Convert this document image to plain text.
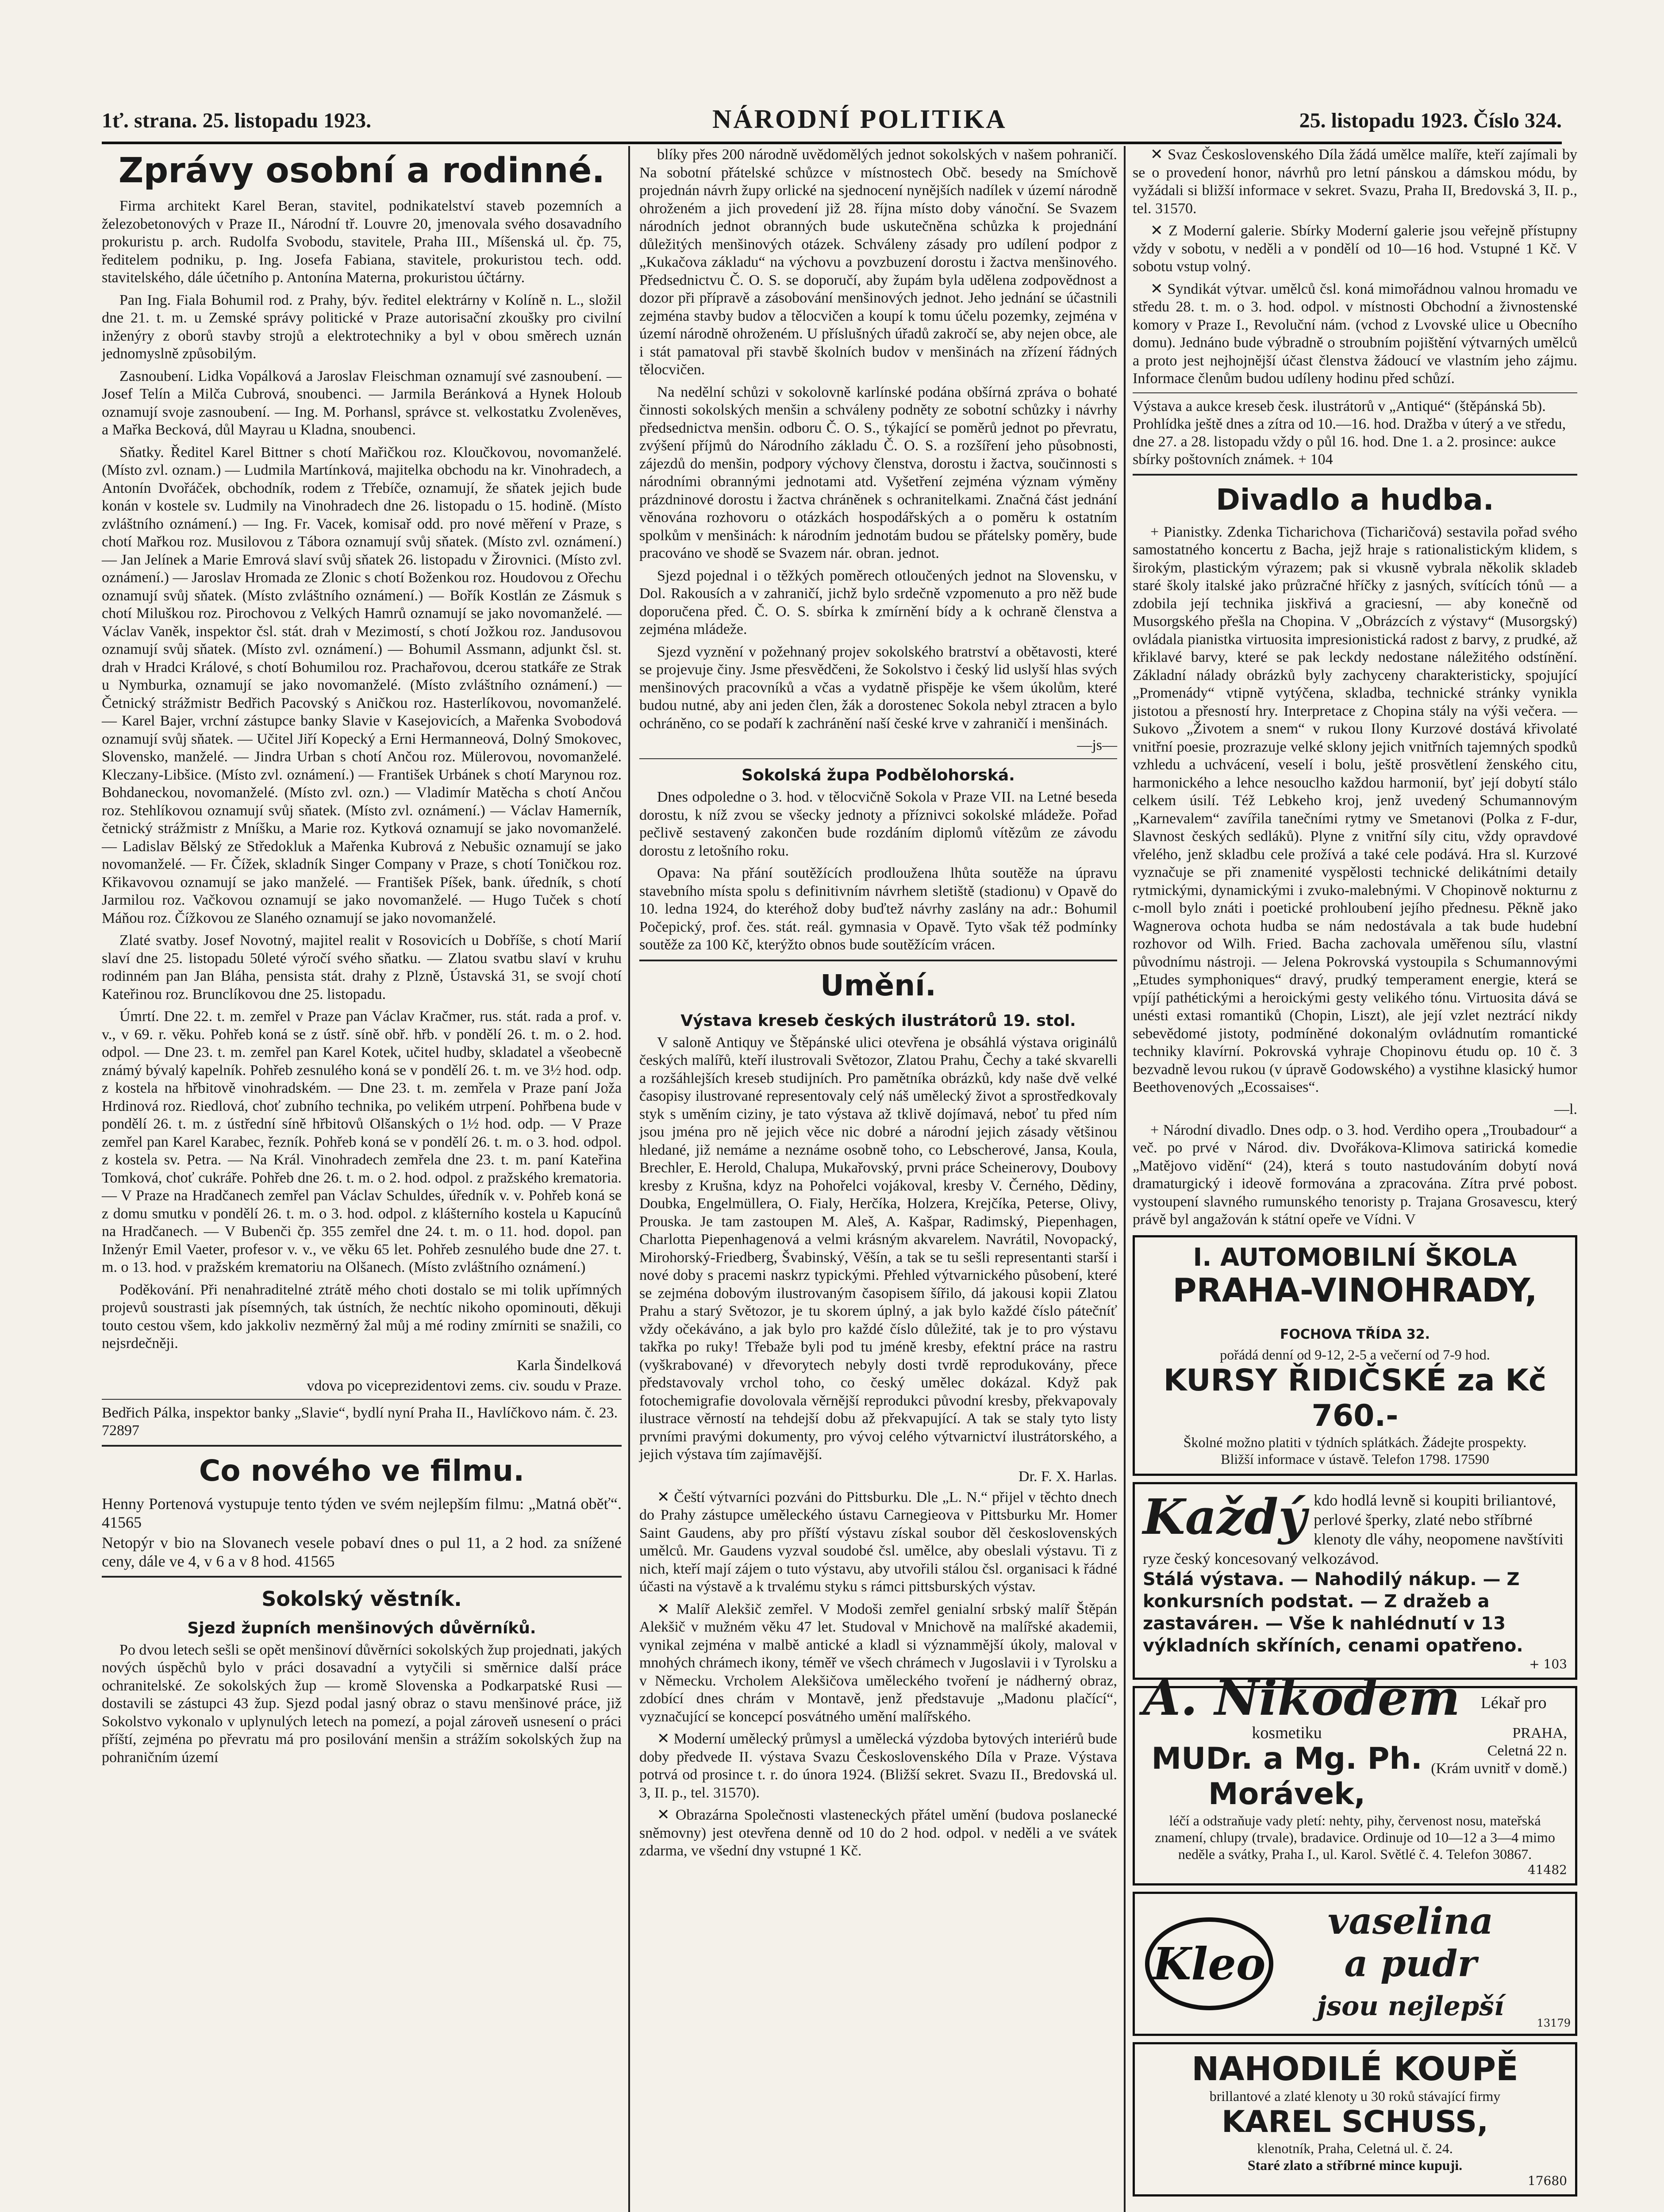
1ť. strana. 25. listopadu 1923.	NÁRODNÍ POLITIKA	25. listopadu 1923. Číslo 324.
Zprávy osobní a rodinné.

Firma architekt Karel Beran, stavitel, podnikatelství staveb pozemních a železobetonových v Praze II., Národní tř. Louvre 20, jmenovala svého dosavadního prokuristu p. arch. Rudolfa Svobodu, stavitele, Praha III., Míšenská ul. čp. 75, ředitelem podniku, p. Ing. Josefa Fabiana, stavitele, prokuristou tech. odd. stavitelského, dále účetního p. Antonína Materna, prokuristou účtárny.

Pan Ing. Fiala Bohumil rod. z Prahy, býv. ředitel elektrárny v Kolíně n. L., složil dne 21. t. m. u Zemské správy politické v Praze autorisační zkoušky pro civilní inženýry z oborů stavby strojů a elektrotechniky a byl v obou směrech uznán jednomyslně způsobilým.

Zasnoubení. Lidka Vopálková a Jaroslav Fleischman oznamují své zasnoubení. — Josef Telín a Milča Cubrová, snoubenci. — Jarmila Beránková a Hynek Holoub oznamují svoje zasnoubení. — Ing. M. Porhansl, správce st. velkostatku Zvoleněves, a Mařka Becková, důl Mayrau u Kladna, snoubenci.

Sňatky. Ředitel Karel Bittner s chotí Mařičkou roz. Kloučkovou, novomanželé. (Místo zvl. oznam.) — Ludmila Martínková, majitelka obchodu na kr. Vinohradech, a Antonín Dvořáček, obchodník, rodem z Třebíče, oznamují, že sňatek jejich bude konán v kostele sv. Ludmily na Vinohradech dne 26. listopadu o 15. hodině. (Místo zvláštního oznámení.) — Ing. Fr. Vacek, komisař odd. pro nové měření v Praze, s chotí Mařkou roz. Musilovou z Tábora oznamují svůj sňatek. (Místo zvl. oznámení.) — Jan Jelínek a Marie Emrová slaví svůj sňatek 26. listopadu v Žirovnici. (Místo zvl. oznámení.) — Jaroslav Hromada ze Zlonic s chotí Boženkou roz. Houdovou z Ořechu oznamují svůj sňatek. (Místo zvláštního oznámení.) — Bořík Kostlán ze Zásmuk s chotí Miluškou roz. Pirochovou z Velkých Hamrů oznamují se jako novomanželé. — Václav Vaněk, inspektor čsl. stát. drah v Mezimostí, s chotí Jožkou roz. Jandusovou oznamují svůj sňatek. (Místo zvl. oznámení.) — Bohumil Assmann, adjunkt čsl. st. drah v Hradci Králové, s chotí Bohumilou roz. Prachařovou, dcerou statkáře ze Strak u Nymburka, oznamují se jako novomanželé. (Místo zvláštního oznámení.) — Četnický strážmistr Bedřich Pacovský s Aničkou roz. Hasterlíkovou, novomanželé. — Karel Bajer, vrchní zástupce banky Slavie v Kasejovicích, a Mařenka Svobodová oznamují svůj sňatek. — Učitel Jiří Kopecký a Erni Hermanneová, Dolný Smokovec, Slovensko, manželé. — Jindra Urban s chotí Ančou roz. Mülerovou, novomanželé. Kleczany-Libšice. (Místo zvl. oznámení.) — František Urbánek s chotí Marynou roz. Bohdaneckou, novomanželé. (Místo zvl. ozn.) — Vladimír Matěcha s chotí Ančou roz. Stehlíkovou oznamují svůj sňatek. (Místo zvl. oznámení.) — Václav Hamerník, četnický strážmistr z Mníšku, a Marie roz. Kytková oznamují se jako novomanželé. — Ladislav Bělský ze Středokluk a Mařenka Kubrová z Nebušic oznamují se jako novomanželé. — Fr. Čížek, skladník Singer Company v Praze, s chotí Toničkou roz. Křikavovou oznamují se jako manželé. — František Píšek, bank. úředník, s chotí Jarmilou roz. Vačkovou oznamují se jako novomanželé. — Hugo Tuček s chotí Máňou roz. Čížkovou ze Slaného oznamují se jako novomanželé.

Zlaté svatby. Josef Novotný, majitel realit v Rosovicích u Dobříše, s chotí Marií slaví dne 25. listopadu 50leté výročí svého sňatku. — Zlatou svatbu slaví v kruhu rodinném pan Jan Bláha, pensista stát. drahy z Plzně, Ústavská 31, se svojí chotí Kateřinou roz. Brunclíkovou dne 25. listopadu.

Úmrtí. Dne 22. t. m. zemřel v Praze pan Václav Kračmer, rus. stát. rada a prof. v. v., v 69. r. věku. Pohřeb koná se z ústř. síně obř. hřb. v pondělí 26. t. m. o 2. hod. odpol. — Dne 23. t. m. zemřel pan Karel Kotek, učitel hudby, skladatel a všeobecně známý bývalý kapelník. Pohřeb zesnulého koná se v pondělí 26. t. m. ve 3½ hod. odp. z kostela na hřbitově vinohradském. — Dne 23. t. m. zemřela v Praze paní Joža Hrdinová roz. Riedlová, choť zubního technika, po velikém utrpení. Pohřbena bude v pondělí 26. t. m. z ústřední síně hřbitovů Olšanských o 1½ hod. odp. — V Praze zemřel pan Karel Karabec, řezník. Pohřeb koná se v pondělí 26. t. m. o 3. hod. odpol. z kostela sv. Petra. — Na Král. Vinohradech zemřela dne 23. t. m. paní Kateřina Tomková, choť cukráře. Pohřeb dne 26. t. m. o 2. hod. odpol. z pražského krematoria. — V Praze na Hradčanech zemřel pan Václav Schuldes, úředník v. v. Pohřeb koná se z domu smutku v pondělí 26. t. m. o 3. hod. odpol. z klášterního kostela u Kapucínů na Hradčanech. — V Bubenči čp. 355 zemřel dne 24. t. m. o 11. hod. dopol. pan Inženýr Emil Vaeter, profesor v. v., ve věku 65 let. Pohřeb zesnulého bude dne 27. t. m. o 13. hod. v pražském krematoriu na Olšanech. (Místo zvláštního oznámení.)

Poděkování. Při nenahraditelné ztrátě mého choti dostalo se mi tolik upřímných projevů soustrasti jak písemných, tak ústních, že nechtíc nikoho opominouti, děkuji touto cestou všem, kdo jakkoliv nezměrný žal můj a mé rodiny zmírniti se snažili, co nejsrdečněji.

Karla Šindelková
vdova po viceprezidentovi zems. civ. soudu v Praze.
Bedřich Pálka, inspektor banky „Slavie“, bydlí nyní Praha II., Havlíčkovo nám. č. 23. 72897
Co nového ve filmu.
Henny Portenová vystupuje tento týden ve svém nejlepším filmu: „Matná oběť“. 41565
Netopýr v bio na Slovanech vesele pobaví dnes o pul 11, a 2 hod. za snížené ceny, dále ve 4, v 6 a v 8 hod. 41565
Sokolský věstník.
Sjezd župních menšinových důvěrníků.

Po dvou letech sešli se opět menšinoví důvěrníci sokolských žup projednati, jakých nových úspěchů bylo v práci dosavadní a vytyčili si směrnice další práce ochranitelské. Ze sokolských žup — kromě Slovenska a Podkarpatské Rusi — dostavili se zástupci 43 žup. Sjezd podal jasný obraz o stavu menšinové práce, již Sokolstvo vykonalo v uplynulých letech na pomezí, a pojal zároveň usnesení o práci příští, zejména po převratu má pro posilování menšin a strážím sokolských žup na pohraničním území

blíky přes 200 národně uvědomělých jednot sokolských v našem pohraničí. Na sobotní přátelské schůzce v místnostech Obč. besedy na Smíchově projednán návrh župy orlické na sjednocení nynějších nadílek v území národně ohroženém a jich provedení již 28. října místo doby vánoční. Se Svazem národních jednot obranných bude uskutečněna schůzka k projednání důležitých menšinových otázek. Schváleny zásady pro udílení podpor z „Kukačova základu“ na výchovu a povzbuzení dorostu i žactva menšinového. Předsednictvu Č. O. S. se doporučí, aby župám byla udělena zodpovědnost a dozor při přípravě a zásobování menšinových jednot. Jeho jednání se účastnili zejména stavby budov a tělocvičen a koupí k tomu účelu pozemky, zejména v území národně ohroženém. U příslušných úřadů zakročí se, aby nejen obce, ale i stát pamatoval při stavbě školních budov v menšinách na zřízení řádných tělocvičen.

Na nedělní schůzi v sokolovně karlínské podána obšírná zpráva o bohaté činnosti sokolských menšin a schváleny podněty ze sobotní schůzky i návrhy předsednictva menšin. odboru Č. O. S., týkající se poměrů jednot po převratu, zvýšení příjmů do Národního základu Č. O. S. a rozšíření jeho působnosti, zájezdů do menšin, podpory výchovy členstva, dorostu i žactva, součinnosti s národními obrannými jednotami atd. Vyšetření zejména význam výměny prázdninové dorostu i žactva chráněnek s ochranitelkami. Značná část jednání věnována rozhovoru o otázkách hospodářských a o poměru k ostatním spolkům v menšinách: k národním jednotám budou se přátelsky poměry, bude pracováno ve shodě se Svazem nár. obran. jednot.

Sjezd pojednal i o těžkých poměrech otloučených jednot na Slovensku, v Dol. Rakousích a v zahraničí, jichž bylo srdečně vzpomenuto a pro něž bude doporučena před. Č. O. S. sbírka k zmírnění bídy a k ochraně členstva a zejména mládeže.

Sjezd vyznění v požehnaný projev sokolského bratrství a obětavosti, které se projevuje činy. Jsme přesvědčeni, že Sokolstvo i český lid uslyší hlas svých menšinových pracovníků a včas a vydatně přispěje ke všem úkolům, které budou nutné, aby ani jeden člen, žák a dorostenec Sokola nebyl ztracen a bylo ochráněno, co se podaří k zachránění naší české krve v zahraničí i menšinách.

—js—
Sokolská župa Podbělohorská.

Dnes odpoledne o 3. hod. v tělocvičně Sokola v Praze VII. na Letné beseda dorostu, k níž zvou se všecky jednoty a příznivci sokolské mládeže. Pořad pečlivě sestavený zakončen bude rozdáním diplomů vítězům ze závodu dorostu z letošního roku.

Opava: Na přání soutěžících prodlouženа lhůta soutěže na úpravu stavebního místa spolu s definitivním návrhem sletiště (stadionu) v Opavě do 10. ledna 1924, do kteréhož doby buďtež návrhy zaslány na adr.: Bohumil Počepický, prof. čes. stát. reál. gymnasia v Opavě. Tyto však též podmínky soutěže za 100 Kč, kterýžto obnos bude soutěžícím vrácen.

Umění.
Výstava kreseb českých ilustrátorů 19. stol.

V saloně Antiquy ve Štěpánské ulici otevřena je obsáhlá výstava originálů českých malířů, kteří ilustrovali Světozor, Zlatou Prahu, Čechy a také skvarelli a rozšáhlejších kreseb studijních. Pro pamětníka obrázků, kdy naše dvě velké časopisy ilustrované representovaly celý náš umělecký život a sprostředkovaly styk s uměním ciziny, je tato výstava až tklivě dojímavá, neboť tu před ním jsou jména pro ně jejich věce nic dobré a národní jejich zásady většinou hledané, již nemáme a neznáme osobně toho, co Lebscherové, Jansa, Koula, Brechler, E. Herold, Chalupa, Mukařovský, prvni práce Scheinerovy, Doubovy kresby z Krušna, kdyz na Pohořelci vojákoval, kresby V. Černého, Dědiny, Doubka, Engelmüllera, O. Fialy, Herčíka, Holzera, Krejčíka, Peterse, Olivy, Prouska. Je tam zastoupen M. Aleš, A. Kašpar, Radimský, Piepenhagen, Charlotta Piepenhagenová a velmi krásným akvarelem. Navrátil, Novopacký, Mirohorský-Friedberg, Švabinský, Věšín, a tak se tu sešli representanti starší i nové doby s pracemi naskrz typickými. Přehled výtvarnického působení, které se zejména dobovým ilustrovaným časopisem šířilo, dá jakousi kopii Zlatou Prahu a starý Světozor, je tu skorem úplný, a jak bylo každé číslo pátečníť vždy očekáváno, a jak bylo pro každé číslo důležité, tak je to pro výstavu takřka po ruky! Třebaže byli pod tu jméně kresby, efektní práce na rastru (vyškrabované) v dřevorytech nebyly dosti tvrdě reprodukovány, přece představovaly vrchol toho, co český umělec dokázal. Když pak fotochemigrafie dovolovala věrnější reprodukci původní kresby, překvapovaly ilustrace věrností na tehdejší dobu až překvapující. A tak se staly tyto listy prvními pravými dokumenty, pro vývoj celého výtvarnictví ilustrátorského, a jejich výstava tím zajímavější.

Dr. F. X. Harlas.

✕ Čeští výtvarníci pozváni do Pittsburku. Dle „L. N.“ přijel v těchto dnech do Prahy zástupce uměleckého ústavu Carnegieova v Pittsburku Mr. Homer Saint Gaudens, aby pro příští výstavu získal soubor děl československých umělců. Mr. Gaudens vyzval soudobé čsl. umělce, aby obeslali výstavu. Ti z nich, kteří mají zájem o tuto výstavu, aby utvořili stálou čsl. organisaci k řádné účasti na výstavě a k trvalému styku s rámci pittsburských výstav.

✕ Malíř Alekšič zemřel. V Modoši zemřel genialní srbský malíř Štěpán Alekšič v mužném věku 47 let. Studoval v Mnichově na malířské akademii, vynikal zejména v malbě antické a kladl si význammější úkoly, maloval v mnohých chrámech ikony, téměř ve všech chrámech v Jugoslavii i v Tyrolsku a v Německu. Vrcholem Alekšičova uměleckého tvoření je nádherný obraz, zdobící dnes chrám v Montavě, jenž představuje „Madonu plačící“, vyznačující se koncepcí posvátného umění malířského.

✕ Moderní umělecký průmysl a umělecká výzdoba bytových interiérů bude doby předvede II. výstava Svazu Československého Díla v Praze. Výstava potrvá od prosince t. r. do února 1924. (Bližší sekret. Svazu II., Bredovská ul. 3, II. p., tel. 31570).

✕ Obrazárna Společnosti vlasteneckých přátel umění (budova poslanecké sněmovny) jest otevřena denně od 10 do 2 hod. odpol. v neděli a ve svátek zdarma, ve všední dny vstupné 1 Kč.

✕ Svaz Československého Díla žádá umělce malíře, kteří zajímali by se o provedení honor, návrhů pro letní pánskou a dámskou módu, by vyžádali si bližší informace v sekret. Svazu, Praha II, Bredovská 3, II. p., tel. 31570.

✕ Z Moderní galerie. Sbírky Moderní galerie jsou veřejně přístupny vždy v sobotu, v neděli a v pondělí od 10—16 hod. Vstupné 1 Kč. V sobotu vstup volný.

✕ Syndikát výtvar. umělců čsl. koná mimořádnou valnou hromadu ve středu 28. t. m. o 3. hod. odpol. v místnosti Obchodní a živnostenské komory v Praze I., Revoluční nám. (vchod z Lvovské ulice u Obecního domu). Jednáno bude výbradně o stroubním pojištění výtvarných umělců a proto jest nejhojnější účast členstva žádoucí ve vlastním jeho zájmu. Informace členům budou udíleny hodinu před schůzí.

Výstava a aukce kreseb česk. ilustrátorů v „Antiqué“ (štěpánská 5b). Prohlídka ještě dnes a zítra od 10.—16. hod. Dražba v úterý a ve středu, dne 27. a 28. listopadu vždy o půl 16. hod. Dne 1. a 2. prosince: aukce sbírky poštovních známek. + 104
Divadlo a hudba.

+ Pianistky. Zdenka Ticharichova (Ticharičová) sestavila pořad svého samostatného koncertu z Bacha, jejž hraje s rationalistickým klidem, s širokým, plastickým výrazem; pak si vkusně vybrala několik skladeb staré školy italské jako průzračné hříčky z jasných, svítících tónů — a zdobila její technika jiskřivá a graciesní, — aby konečně od Musorgského přešla na Chopina. V „Obrázcích z výstavy“ (Musorgský) ovládala pianistka virtuosita impresionistická radost z barvy, z prudké, až křiklavé barvy, které se pak leckdy nedostane náležitého odstínění. Základní nálady obrázků byly zachyceny charakteristicky, spojující „Promenády“ vtipně vytýčena, skladba, technické stránky vynikla jistotou a přesností hry. Interpretace z Chopina stály na výši večera. — Sukovo „Životem a snem“ v rukou Ilony Kurzové dostává křivolaté vnitřní poesie, prozrazuje velké sklony jejich vnitřních tajemných spodků vzhledu a uchvácení, veselí i bolu, ještě prosvětlení ženského citu, harmonického a lehce nesouclho každou harmonií, byť její dobytí stálo celkem úsilí. Též Lebkeho kroj, jenž uvedený Schumannovým „Karnevalem“ zavířila tanečními rytmy ve Smetanovi (Polka z F-dur, Slavnost českých sedláků). Plyne z vnitřní síly citu, vždy opravdové vřelého, jenž skladbu cele prožívá a také cele podává. Hra sl. Kurzové vyznačuje se při znamenité vyspělosti technické delikátními detaily rytmickými, dynamickými i zvuko-malebnými. V Chopinově nokturnu z c-moll bylo znáti i poetické prohloubení jejího přednesu. Pěkně jako Wagnerova ochota hudba se nám nedostávala a tak bude hudební rozhovor od Wilh. Fried. Bacha zachovala uměřenou sílu, vlastní původnímu nástroji. — Jelena Pokrovská vystoupila s Schumannovými „Etudes symphoniques“ dravý, prudký temperament energie, která se vpíjí pathétickými a heroickými gesty velikého tónu. Virtuosita dává se unésti extasi romantiků (Chopin, Liszt), ale její vzlet neztrácí nikdy sebevědomé jistoty, podmíněné dokonalým ovládnutím romantické techniky klavírní. Pokrovská vyhraje Chopinovu étudu op. 10 č. 3 bezvadně levou rukou (v úpravě Godowského) a vystihne klasický humor Beethovenových „Ecossaises“.

—l.

+ Národní divadlo. Dnes odp. o 3. hod. Verdiho opera „Troubadour“ a več. po prvé v Národ. div. Dvořákova-Klimova satirická komedie „Matějovo vidění“ (24), která s touto nastudováním dobytí nová dramaturgický i ideově formována a zpracována. Zítra prvé pobost. vystoupení slavného rumunského tenoristy p. Trajana Grosavescu, který právě byl angažován k státní opeře ve Vídni. V

I. AUTOMOBILNÍ ŠKOLA
PRAHA-VINOHRADY, FOCHOVA TŘÍDA 32.
pořádá denní od 9-12, 2-5 a večerní od 7-9 hod.
KURSY ŘIDIČSKÉ za Kč 760.-
Školné možno platiti v týdních splátkách. Žádejte prospekty.
Bližší informace v ústavě. Telefon 1798. 17590
Každý kdo hodlá levně si koupiti briliantové, perlové šperky, zlaté nebo stříbrné klenoty dle váhy, neopomene navštíviti ryze český koncesovaný velkozávod.
Stálá výstava. — Nahodilý nákup. — Z konkursních podstat. — Z dražeb a zastavárен. — Vše k nahlédnutí v 13 výkladních skříních, cenami opatřeno.
+ 103
A. Nikodem
PRAHA,
Celetná 22 n.
(Krám uvnitř v domě.)
Lékař pro kosmetiku
MUDr. a Mg. Ph. Morávek,
léčí a odstraňuje vady pletí: nehty, pihy, červenost nosu, mateřská znamení, chlupy (trvale), bradavice. Ordinuje od 10—12 a 3—4 mimo neděle a svátky, Praha I., ul. Karol. Světlé č. 4. Telefon 30867.
41482
Kleo

vaselina
a pudr
jsou nejlepší
13179
NAHODILÉ KOUPĚ
brillantové a zlaté klenoty u 30 roků stávající firmy
KAREL SCHUSS,
klenotník, Praha, Celetná ul. č. 24.
Staré zlato a stříbrné mince kupuji.
17680
